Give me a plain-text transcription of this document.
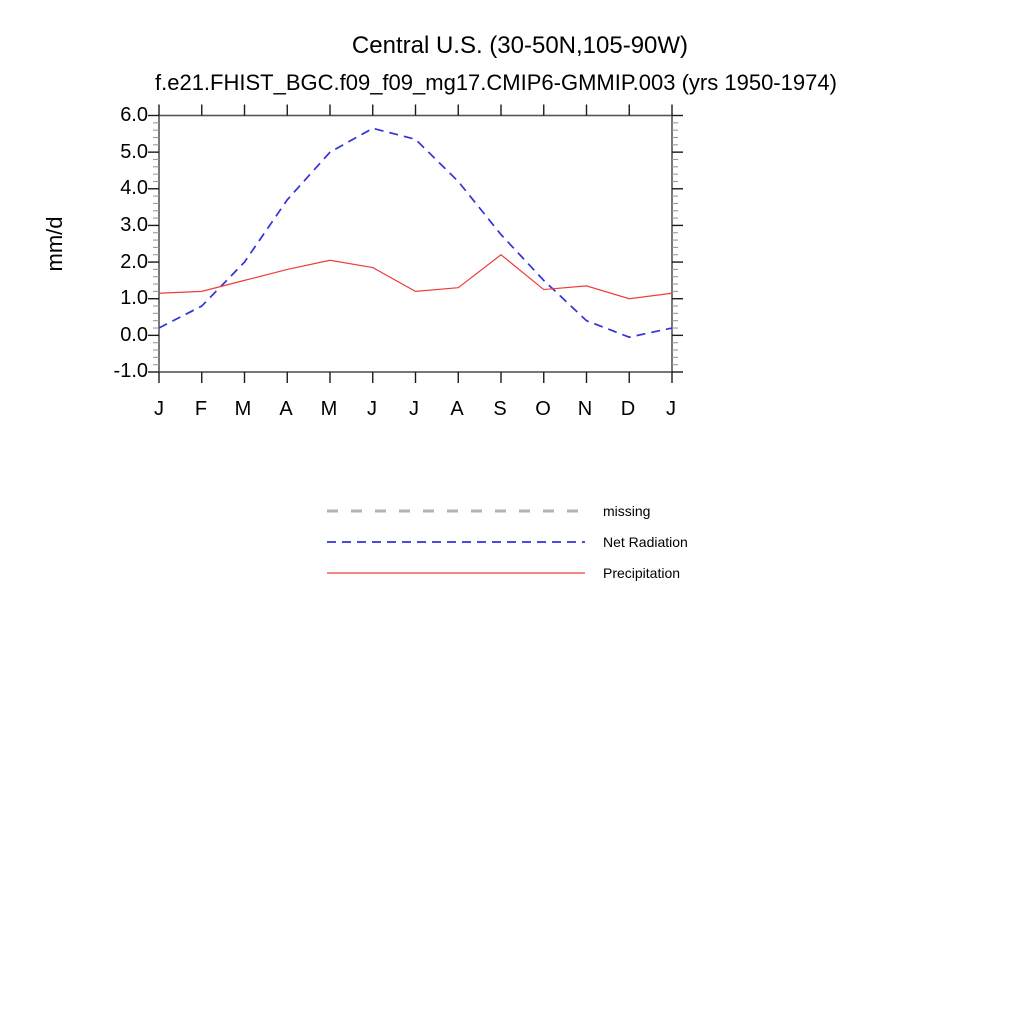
Central U.S. (30-50N,105-90W)
f.e21.FHIST_BGC.f09_f09_mg17.CMIP6-GMMIP.003 (yrs 1950-1974)
mm/d
6.0
5.0
4.0
3.0
2.0
1.0
0.0
-1.0
J	F	M	A	M	J	J	A	S	O	N	D	J
missing
Net Radiation
Precipitation
